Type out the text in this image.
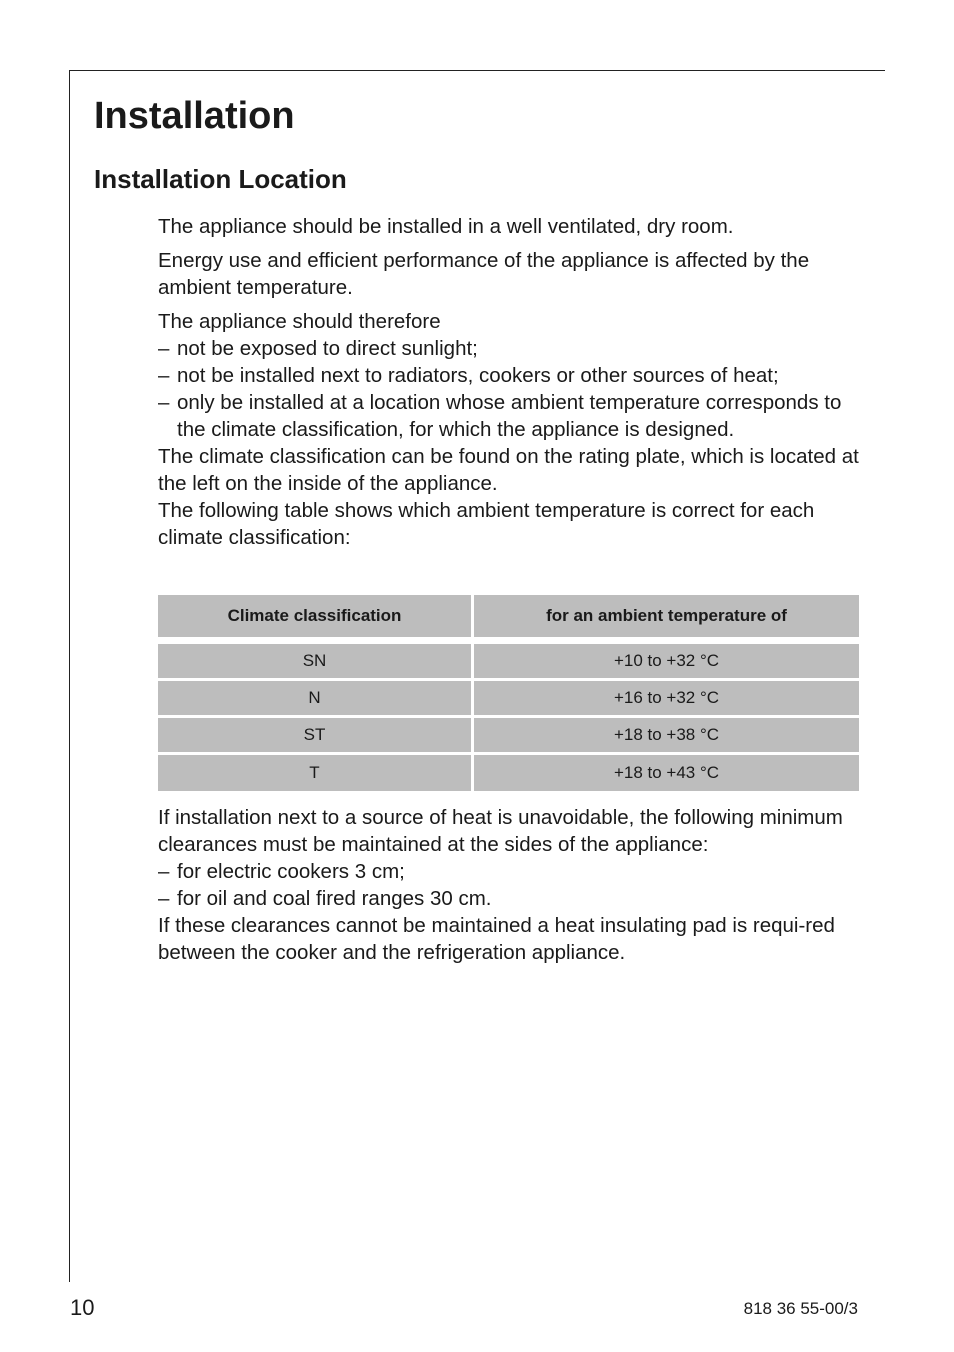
Installation
Installation Location

The appliance should be installed in a well ventilated, dry room.

Energy use and efficient performance of the appliance is affected by the ambient temperature.

The appliance should therefore

– not be exposed to direct sunlight;

– not be installed next to radiators, cookers or other sources of heat;

– only be installed at a location whose ambient temperature corresponds to the climate classification, for which the appliance is designed.

The climate classification can be found on the rating plate, which is located at the left on the inside of the appliance.

The following table shows which ambient temperature is correct for each climate classification:

Climate classification	for an ambient temperature of
SN	+10 to +32 °C
N	+16 to +32 °C
ST	+18 to +38 °C
T	+18 to +43 °C

If installation next to a source of heat is unavoidable, the following minimum clearances must be maintained at the sides of the appliance:

– for electric cookers 3 cm;

– for oil and coal fired ranges 30 cm.

If these clearances cannot be maintained a heat insulating pad is requi-red between the cooker and the refrigeration appliance.

10	818 36 55-00/3
